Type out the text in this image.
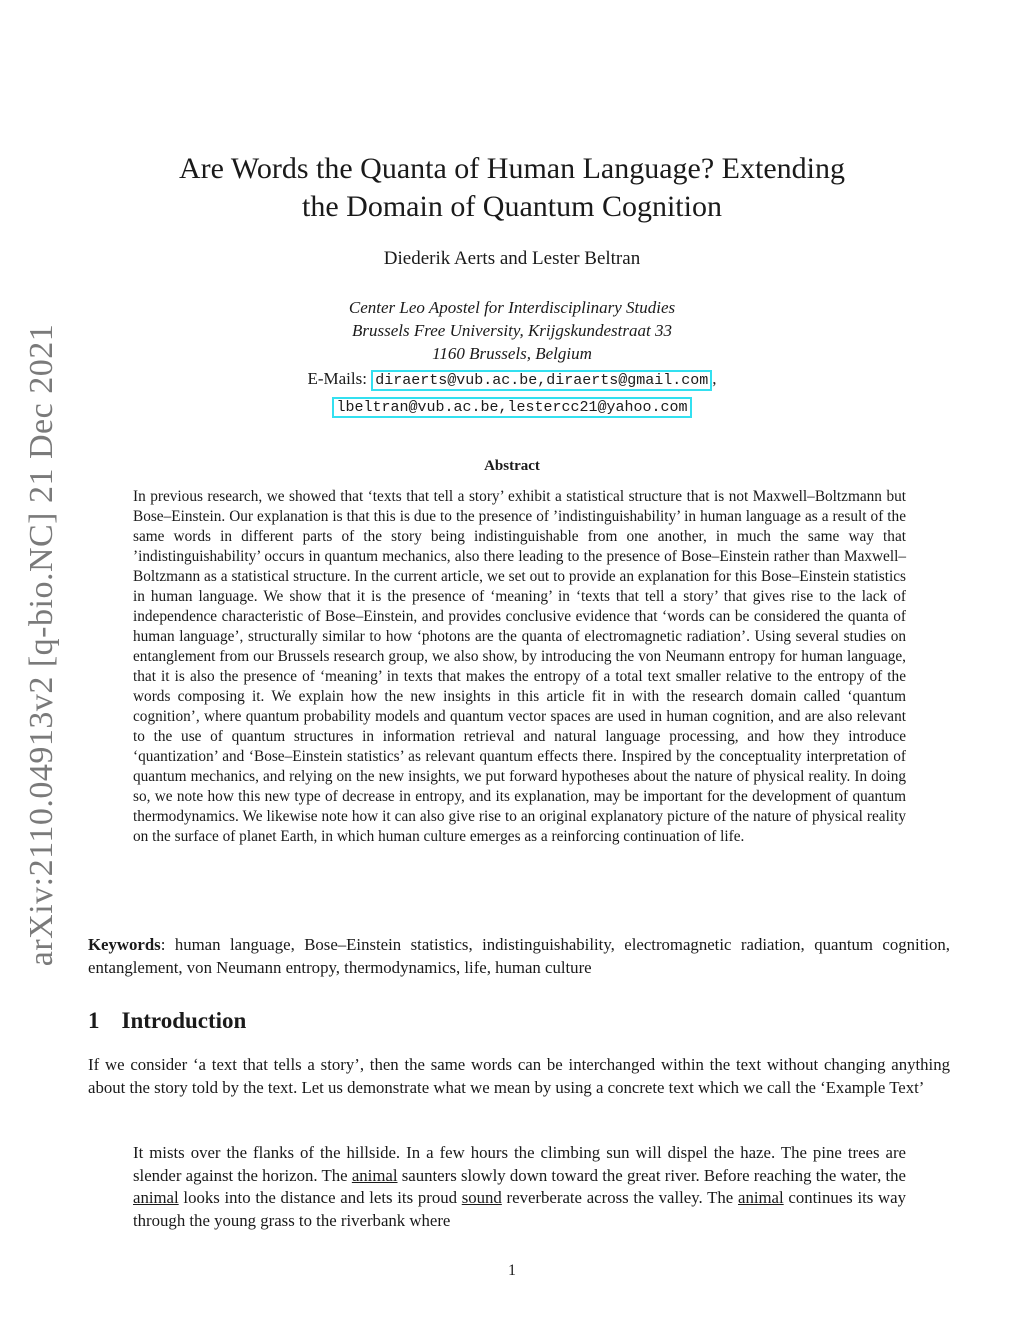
arXiv:2110.04913v2 [q-bio.NC] 21 Dec 2021
Are Words the Quanta of Human Language? Extending
the Domain of Quantum Cognition
Diederik Aerts and Lester Beltran
Center Leo Apostel for Interdisciplinary Studies
Brussels Free University, Krijgskundestraat 33
1160 Brussels, Belgium
E-Mails: diraerts@vub.ac.be,diraerts@gmail.com ,
lbeltran@vub.ac.be,lestercc21@yahoo.com
Abstract

In previous research, we showed that ‘texts that tell a story’ exhibit a statistical structure that is not Maxwell–Boltzmann but Bose–Einstein. Our explanation is that this is due to the presence of ’indistinguishability’ in human language as a result of the same words in different parts of the story being indistinguishable from one another, in much the same way that ’indistinguishability’ occurs in quantum mechanics, also there leading to the presence of Bose–Einstein rather than Maxwell–Boltzmann as a statistical structure. In the current article, we set out to provide an explanation for this Bose–Einstein statistics in human language. We show that it is the presence of ‘meaning’ in ‘texts that tell a story’ that gives rise to the lack of independence characteristic of Bose–Einstein, and provides conclusive evidence that ‘words can be considered the quanta of human language’, structurally similar to how ‘photons are the quanta of electromagnetic radiation’. Using several studies on entanglement from our Brussels research group, we also show, by introducing the von Neumann entropy for human language, that it is also the presence of ‘meaning’ in texts that makes the entropy of a total text smaller relative to the entropy of the words composing it. We explain how the new insights in this article fit in with the research domain called ‘quantum cognition’, where quantum probability models and quantum vector spaces are used in human cognition, and are also relevant to the use of quantum structures in information retrieval and natural language processing, and how they introduce ‘quantization’ and ‘Bose–Einstein statistics’ as relevant quantum effects there. Inspired by the conceptuality interpretation of quantum mechanics, and relying on the new insights, we put forward hypotheses about the nature of physical reality. In doing so, we note how this new type of decrease in entropy, and its explanation, may be important for the development of quantum thermodynamics. We likewise note how it can also give rise to an original explanatory picture of the nature of physical reality on the surface of planet Earth, in which human culture emerges as a reinforcing continuation of life.

Keywords: human language, Bose–Einstein statistics, indistinguishability, electromagnetic radiation, quantum cognition, entanglement, von Neumann entropy, thermodynamics, life, human culture

1 Introduction

If we consider ‘a text that tells a story’, then the same words can be interchanged within the text without changing anything about the story told by the text. Let us demonstrate what we mean by using a concrete text which we call the ‘Example Text’

It mists over the flanks of the hillside. In a few hours the climbing sun will dispel the haze. The pine trees are slender against the horizon. The animal saunters slowly down toward the great river. Before reaching the water, the animal looks into the distance and lets its proud sound reverberate across the valley. The animal continues its way through the young grass to the riverbank where

1
